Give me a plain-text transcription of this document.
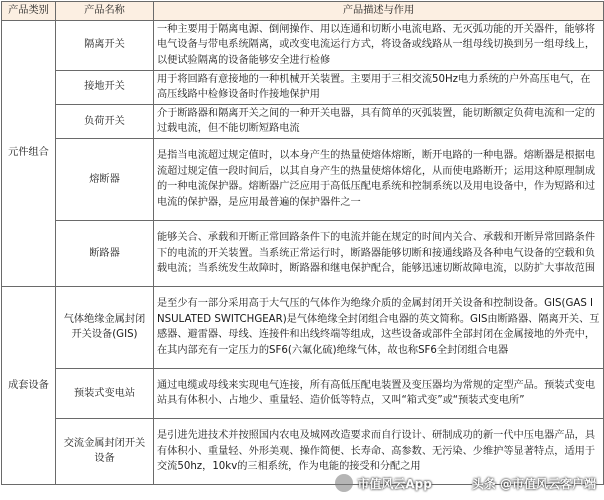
产品类别	产品名称	产品描述与作用
元件组合	隔离开关	一种主要用于隔离电源、倒闸操作、用以连通和切断小电流电路、无灭弧功能的开关器件，能够将电气设备与带电系统隔离，或改变电流运行方式，将设备或线路从一组母线切换到另一组母线上，以便试验隔离的设备能够安全进行检修
	接地开关	用于将回路有意接地的一种机械开关装置。主要用于三相交流50Hz电力系统的户外高压电气，在高压线路中检修设备时作接地保护用
	负荷开关	介于断路器和隔离开关之间的一种开关电器，具有简单的灭弧装置，能切断额定负荷电流和一定的过载电流，但不能切断短路电流
	熔断器	是指当电流超过规定值时，以本身产生的热量使熔体熔断，断开电路的一种电器。熔断器是根据电流超过规定值一段时间后，以其自身产生的热量使熔体熔化，从而使电路断开；运用这种原理制成的一种电流保护器。熔断器广泛应用于高低压配电系统和控制系统以及用电设备中，作为短路和过电流的保护器，是应用最普遍的保护器件之一
	断路器	能够关合、承载和开断正常回路条件下的电流并能在规定的时间内关合、承载和开断异常回路条件下的电流的开关装置。当系统正常运行时，断路器能够切断和接通线路及各种电气设备的空载和负载电流；当系统发生故障时，断路器和继电保护配合，能够迅速切断故障电流，以防扩大事故范围
成套设备	气体绝缘金属封闭开关设备(GIS)	是至少有一部分采用高于大气压的气体作为绝缘介质的金属封闭开关设备和控制设备。GIS(GAS INSULATED SWITCHGEAR)是气体绝缘全封闭组合电器的英文简称。GIS由断路器、隔离开关、互感器、避雷器、母线、连接件和出线终端等组成，这些设备或部件全部封闭在金属接地的外壳中，在其内部充有一定压力的SF6(六氟化硫)绝缘气体，故也称SF6全封闭组合电器
	预装式变电站	通过电缆或母线来实现电气连接，所有高低压配电装置及变压器均为常规的定型产品。预装式变电站具有体积小、占地少、重量轻、造价低等特点，又叫“箱式变”或“预装式变电所”
	交流金属封闭开关设备	是引进先进技术并按照国内农电及城网改造要求而自行设计、研制成功的新一代中压电器产品，具有体积小、重量轻、外形美观、操作简便、长寿命、高参数、无污染、少维护等显著特点，适用于交流50hz，10kv的三相系统，作为电能的接受和分配之用
市值风云App	头条 @市值风云客户端
